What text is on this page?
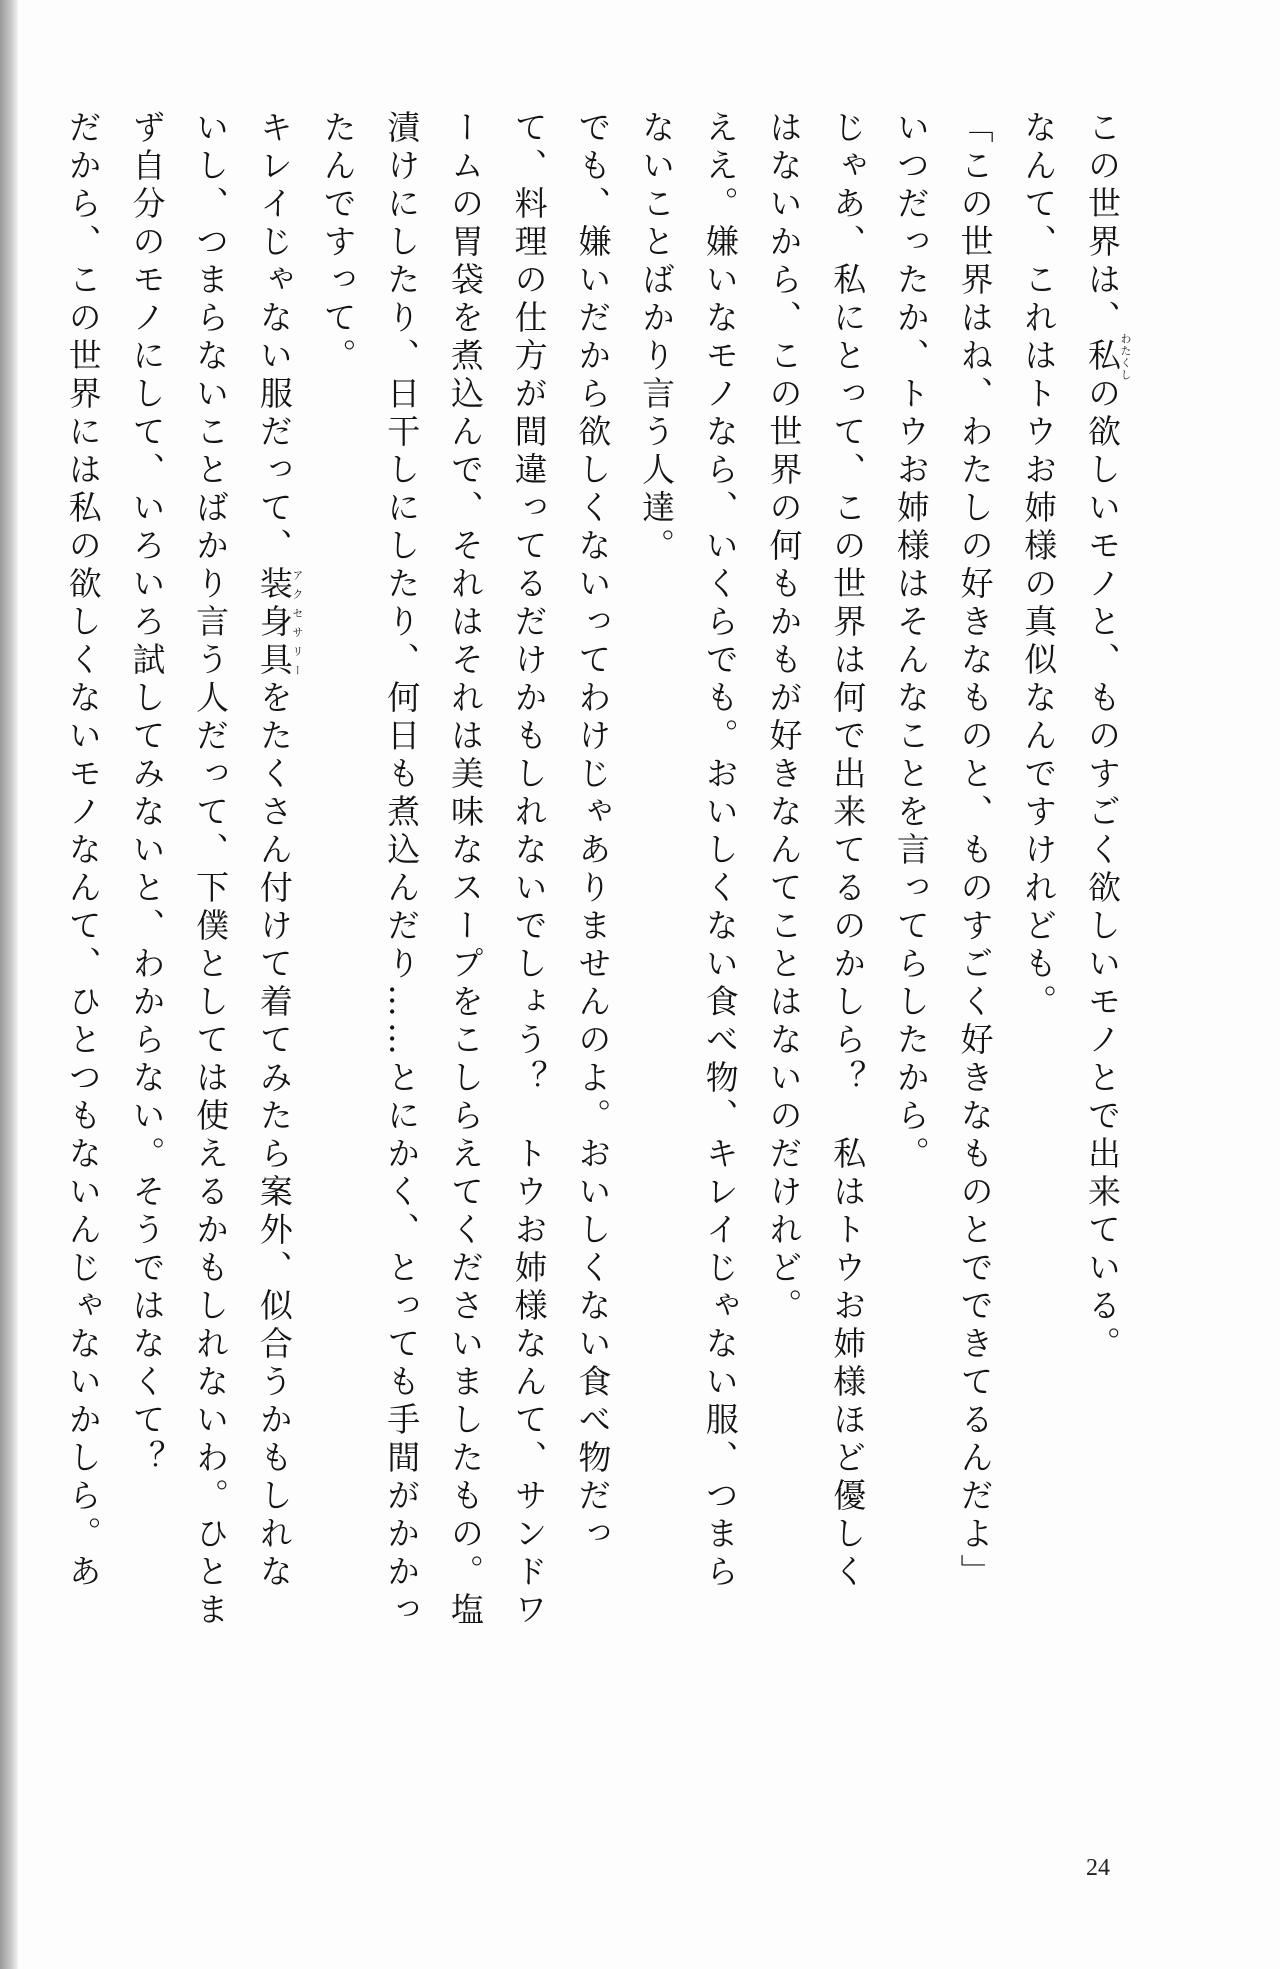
この世界は、私わたくしの欲しいモノと、ものすごく欲しいモノとで出来ている。
なんて、これはトウお姉様の真似なんですけれども。
「この世界はね、わたしの好きなものと、ものすごく好きなものとでできてるんだよ」
いつだったか、トウお姉様はそんなことを言ってらしたから。
じゃあ、私にとって、この世界は何で出来てるのかしら？　私はトウお姉様ほど優しく
はないから、この世界の何もかもが好きなんてことはないのだけれど。
ええ。嫌いなモノなら、いくらでも。おいしくない食べ物、キレイじゃない服、つまら
ないことばかり言う人達。
でも、嫌いだから欲しくないってわけじゃありませんのよ。おいしくない食べ物だっ
て、料理の仕方が間違ってるだけかもしれないでしょう？　トウお姉様なんて、サンドワ
ームの胃袋を煮込んで、それはそれは美味なスープをこしらえてくださいましたもの。塩
漬けにしたり、日干しにしたり、何日も煮込んだり……とにかく、とっても手間がかかっ
たんですって。
キレイじゃない服だって、装身具アクセサリーをたくさん付けて着てみたら案外、似合うかもしれな
いし、つまらないことばかり言う人だって、下僕としては使えるかもしれないわ。ひとま
ず自分のモノにして、いろいろ試してみないと、わからない。そうではなくて？
だから、この世界には私の欲しくないモノなんて、ひとつもないんじゃないかしら。あ
24
